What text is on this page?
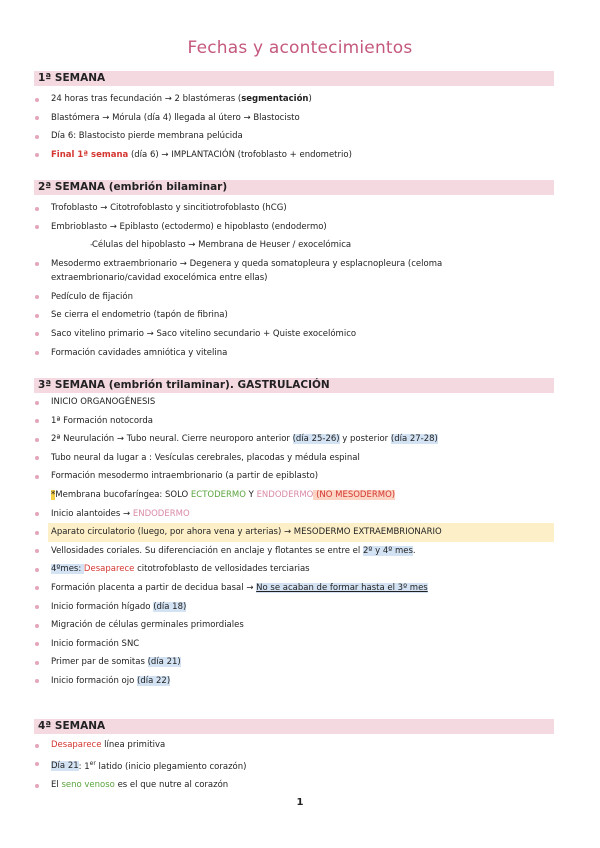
Fechas y acontecimientos
1ª SEMANA
24 horas tras fecundación → 2 blastómeras (segmentación)
Blastómera → Mórula (día 4) llegada al útero → Blastocisto
Día 6: Blastocisto pierde membrana pelúcida
Final 1ª semana (día 6) → IMPLANTACIÓN (trofoblasto + endometrio)
2ª SEMANA (embrión bilaminar)
Trofoblasto → Citotrofoblasto y sincitiotrofoblasto (hCG)
Embrioblasto → Epiblasto (ectodermo) e hipoblasto (endodermo)
- Células del hipoblasto → Membrana de Heuser / exocelómica
Mesodermo extraembrionario → Degenera y queda somatopleura y esplacnopleura (celoma extraembrionario/cavidad exocelómica entre ellas)
Pedículo de fijación
Se cierra el endometrio (tapón de fibrina)
Saco vitelino primario → Saco vitelino secundario + Quiste exocelómico
Formación cavidades amniótica y vitelina
3ª SEMANA (embrión trilaminar). GASTRULACIÓN
INICIO ORGANOGÉNESIS
1ª Formación notocorda
2ª Neurulación → Tubo neural. Cierre neuroporo anterior (día 25-26) y posterior (día 27-28)
Tubo neural da lugar a : Vesículas cerebrales, placodas y médula espinal
Formación mesodermo intraembrionario (a partir de epiblasto)
*Membrana bucofaríngea: SOLO ECTODERMO Y ENDODERMO (NO MESODERMO)
Inicio alantoides → ENDODERMO
Aparato circulatorio (luego, por ahora vena y arterias) → MESODERMO EXTRAEMBRIONARIO
Vellosidades coriales. Su diferenciación en anclaje y flotantes se entre el 2º y 4º mes.
4ºmes: Desaparece citotrofoblasto de vellosidades terciarias
Formación placenta a partir de decidua basal → No se acaban de formar hasta el 3º mes
Inicio formación hígado (día 18)
Migración de células germinales primordiales
Inicio formación SNC
Primer par de somitas (día 21)
Inicio formación ojo (día 22)
4ª SEMANA
Desaparece línea primitiva
Día 21: 1er latido (inicio plegamiento corazón)
El seno venoso es el que nutre al corazón
1
